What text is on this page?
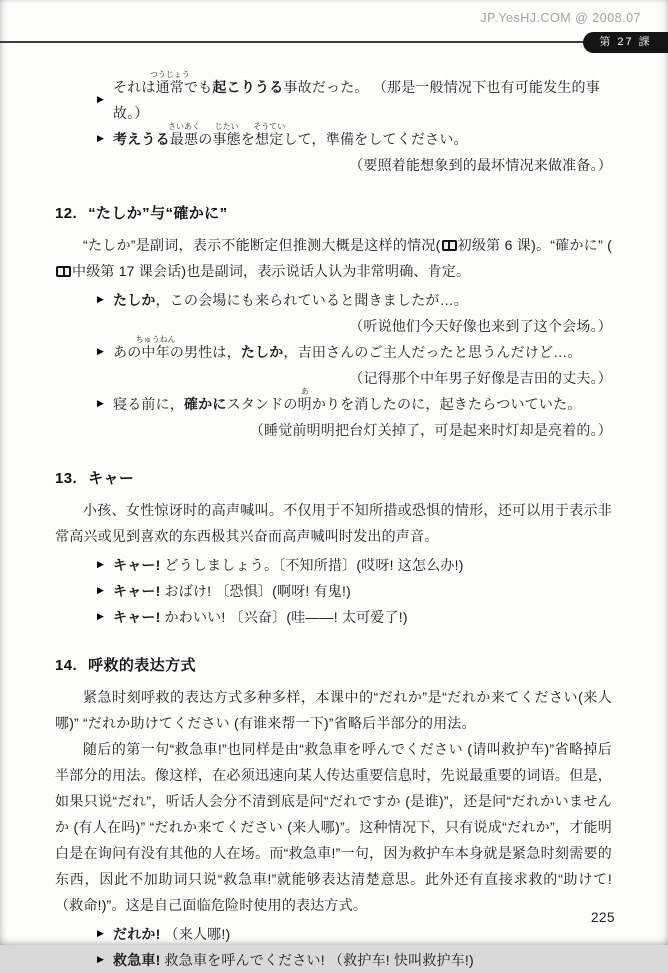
JP.YesHJ.COM @ 2008.07
第 27 課
▶
それは通常
つうじょう
でも起こりうる事故だった。 （那是一般情况下也有可能发生的事故。）
▶ 考えうる最悪
さいあく
の事態
じたい
を想定
そうてい
して，準備をしてください。
（要照着能想象到的最坏情况来做准备。）
12. “たしか”与“確かに”

“たしか”是副词，表示不能断定但推测大概是这样的情况( 初级第 6 课)。“確かに” (中级第 17 课会话)也是副词，表示说话人认为非常明确、肯定。

▶ たしか，この会場にも来られていると聞きましたが…。
（听说他们今天好像也来到了这个会场。）
▶ あの中年
ちゅうねん
の男性は，たしか，吉田さんのご主人だったと思うんだけど…。
（记得那个中年男子好像是吉田的丈夫。）
▶ 寝る前に，確かにスタンドの明
あ
かりを消したのに，起きたらついていた。
（睡觉前明明把台灯关掉了，可是起来时灯却是亮着的。）
13. キャー

小孩、女性惊讶时的高声喊叫。不仅用于不知所措或恐惧的情形，还可以用于表示非常高兴或见到喜欢的东西极其兴奋而高声喊叫时发出的声音。

▶ キャー! どうしましょう。〔不知所措〕(哎呀! 这怎么办!)
▶ キャー! おばけ! 〔恐惧〕(啊呀! 有鬼!)
▶ キャー! かわいい! 〔兴奋〕(哇——! 太可爱了!)
14. 呼救的表达方式

紧急时刻呼救的表达方式多种多样，本课中的“だれか”是“だれか来てください(来人哪)” “だれか助けてください (有谁来帮一下)”省略后半部分的用法。

随后的第一句“救急車!”也同样是由“救急車を呼んでください (请叫救护车)”省略掉后半部分的用法。像这样，在必须迅速向某人传达重要信息时，先说最重要的词语。但是，如果只说“だれ”，听话人会分不清到底是问“だれですか (是谁)”，还是问“だれかいませんか (有人在吗)” “だれか来てください (来人哪)”。这种情况下，只有说成“だれか”，才能明白是在询问有没有其他的人在场。而“救急車!”一句，因为救护车本身就是紧急时刻需要的东西，因此不加助词只说“救急車!”就能够表达清楚意思。此外还有直接求救的“助けて! （救命!)”。这是自己面临危险时使用的表达方式。

▶ だれか! （来人哪!)
▶ 救急車! 救急車を呼んでください! （救护车! 快叫救护车!)
225
